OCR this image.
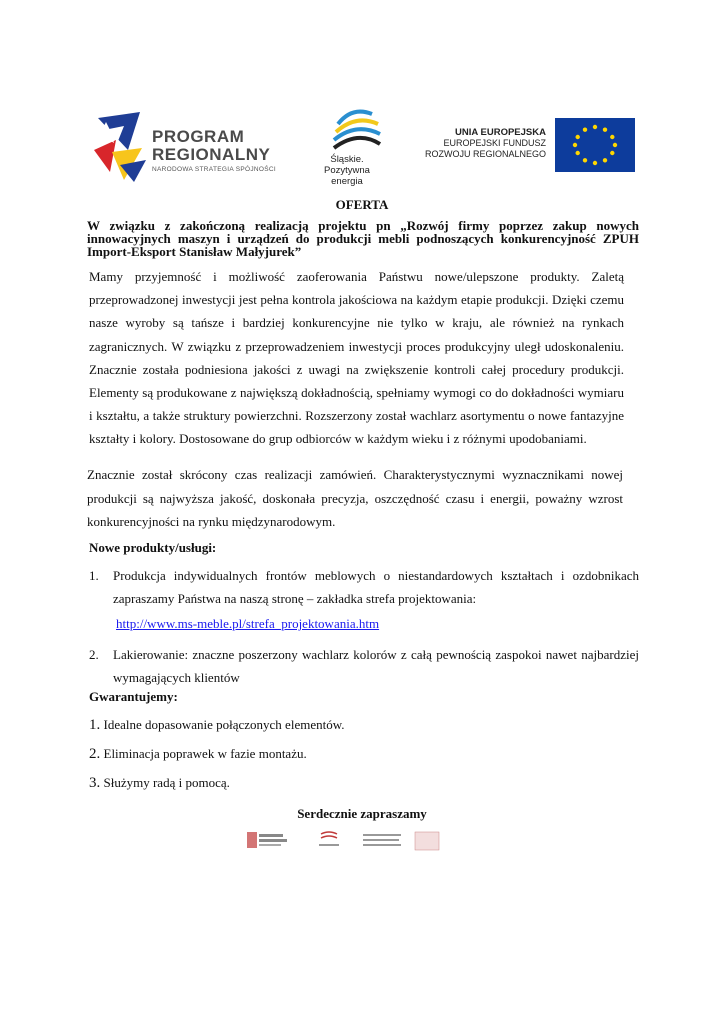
PROGRAM
REGIONALNY
NARODOWA STRATEGIA SPÓJNOŚCI
Śląskie.
Pozytywna energia
UNIA EUROPEJSKA
EUROPEJSKI FUNDUSZ
ROZWOJU REGIONALNEGO
OFERTA
W związku z zakończoną realizacją projektu pn „Rozwój firmy poprzez zakup nowych innowacyjnych maszyn i urządzeń do produkcji mebli podnoszących konkurencyjność ZPUH Import-Eksport Stanisław Małyjurek”
Mamy przyjemność i możliwość zaoferowania Państwu nowe/ulepszone produkty. Zaletą przeprowadzonej inwestycji jest pełna kontrola jakościowa na każdym etapie produkcji. Dzięki czemu nasze wyroby są tańsze i bardziej konkurencyjne nie tylko w kraju, ale również na rynkach zagranicznych. W związku z przeprowadzeniem inwestycji proces produkcyjny uległ udoskonaleniu. Znacznie została podniesiona jakości z uwagi na zwiększenie kontroli całej procedury produkcji. Elementy są produkowane z największą dokładnością, spełniamy wymogi co do dokładności wymiaru i kształtu, a także struktury powierzchni. Rozszerzony został wachlarz asortymentu o nowe fantazyjne kształty i kolory. Dostosowane do grup odbiorców w każdym wieku i z różnymi upodobaniami.
Znacznie został skrócony czas realizacji zamówień. Charakterystycznymi wyznacznikami nowej produkcji są najwyższa jakość, doskonała precyzja, oszczędność czasu i energii, poważny wzrost konkurencyjności na rynku międzynarodowym.
Nowe produkty/usługi:
1. Produkcja indywidualnych frontów meblowych o niestandardowych kształtach i ozdobnikach zapraszamy Państwa na naszą stronę – zakładka strefa projektowania:
http://www.ms-meble.pl/strefa_projektowania.htm
2. Lakierowanie: znaczne poszerzony wachlarz kolorów z całą pewnością zaspokoi nawet najbardziej wymagających klientów
Gwarantujemy:
1. Idealne dopasowanie połączonych elementów.
2. Eliminacja poprawek w fazie montażu.
3. Służymy radą i pomocą.
Serdecznie zapraszamy
